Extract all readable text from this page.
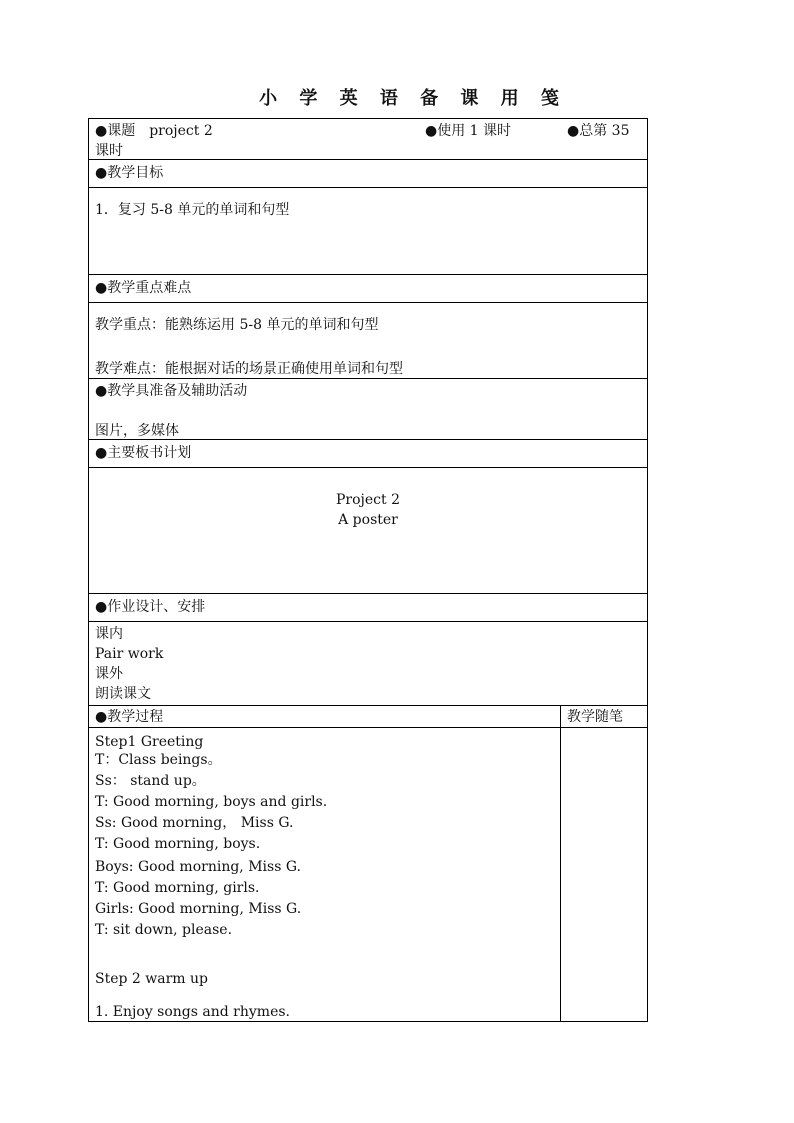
小 学 英 语 备 课 用 笺
●课题　project 2
课时
●使用 1 课时	●总第 35
●教学目标
1．复习 5-8 单元的单词和句型
●教学重点难点
教学重点：能熟练运用 5-8 单元的单词和句型
教学难点：能根据对话的场景正确使用单词和句型
●教学具准备及辅助活动
图片，多媒体
●主要板书计划
Project 2
A poster
●作业设计、安排
课内
Pair work
课外
朗读课文
●教学过程	教学随笔
Step1 Greeting
T：Class beings。
Ss： stand up。
T: Good morning, boys and girls.
Ss: Good morning， Miss G.
T: Good morning, boys.
Boys: Good morning, Miss G.
T: Good morning, girls.
Girls: Good morning, Miss G.
T: sit down, please.
Step 2 warm up
1. Enjoy songs and rhymes.
